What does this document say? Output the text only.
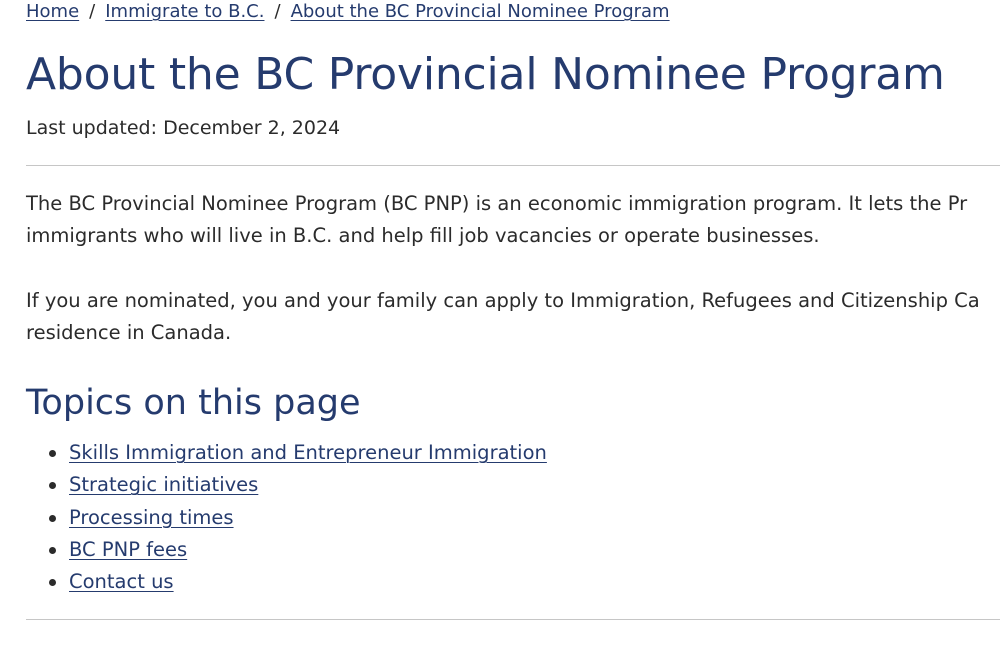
Home / Immigrate to B.C. / About the BC Provincial Nominee Program
About the BC Provincial Nominee Program
Last updated: December 2, 2024

The BC Provincial Nominee Program (BC PNP) is an economic immigration program. It lets the Pr
immigrants who will live in B.C. and help fill job vacancies or operate businesses.

If you are nominated, you and your family can apply to Immigration, Refugees and Citizenship Ca
residence in Canada.

Topics on this page
Skills Immigration and Entrepreneur Immigration
Strategic initiatives
Processing times
BC PNP fees
Contact us
